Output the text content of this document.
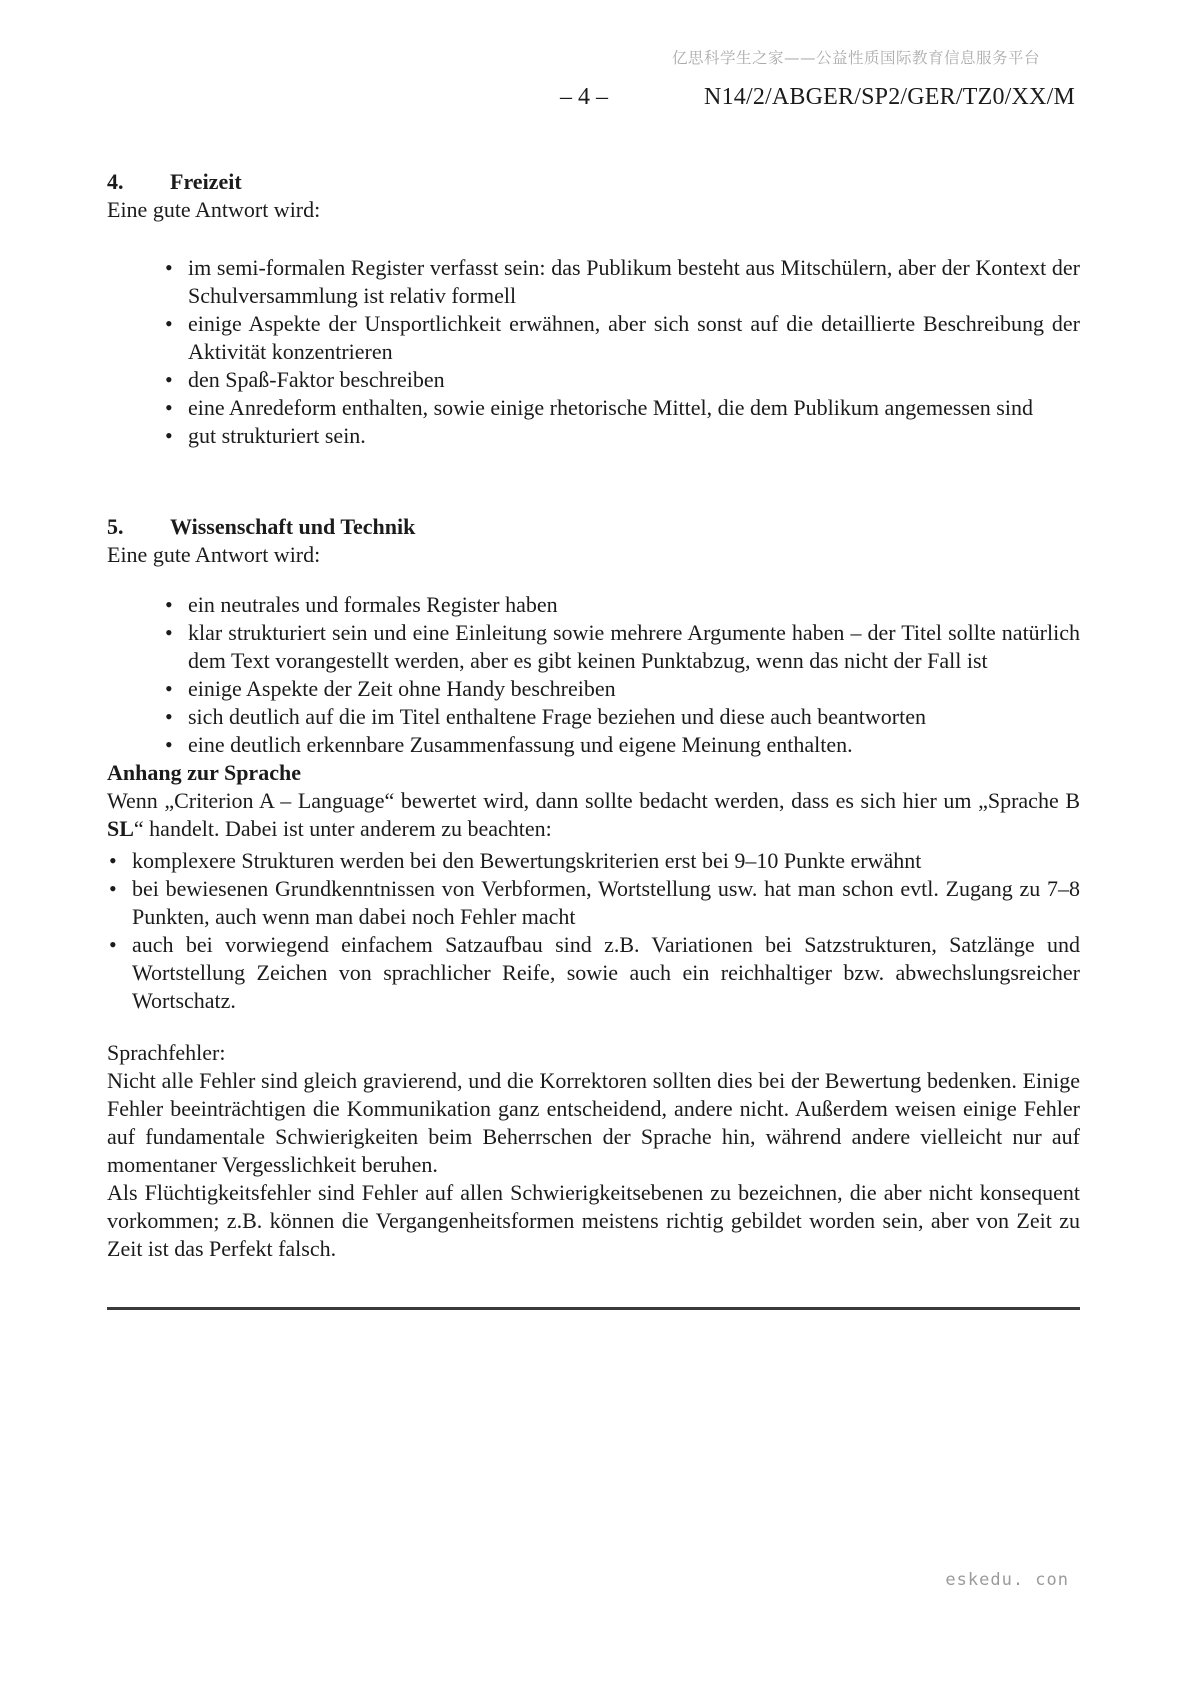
亿思科学生之家——公益性质国际教育信息服务平台
– 4 –	N14/2/ABGER/SP2/GER/TZ0/XX/M
4.	Freizeit

Eine gute Antwort wird:

• im semi-formalen Register verfasst sein: das Publikum besteht aus Mitschülern, aber der Kontext der Schulversammlung ist relativ formell
• einige Aspekte der Unsportlichkeit erwähnen, aber sich sonst auf die detaillierte Beschreibung der Aktivität konzentrieren
• den Spaß-Faktor beschreiben
• eine Anredeform enthalten, sowie einige rhetorische Mittel, die dem Publikum angemessen sind
• gut strukturiert sein.
5.	Wissenschaft und Technik

Eine gute Antwort wird:

• ein neutrales und formales Register haben
• klar strukturiert sein und eine Einleitung sowie mehrere Argumente haben – der Titel sollte natürlich dem Text vorangestellt werden, aber es gibt keinen Punktabzug, wenn das nicht der Fall ist
• einige Aspekte der Zeit ohne Handy beschreiben
• sich deutlich auf die im Titel enthaltene Frage beziehen und diese auch beantworten
• eine deutlich erkennbare Zusammenfassung und eigene Meinung enthalten.

Anhang zur Sprache

Wenn „Criterion A – Language“ bewertet wird, dann sollte bedacht werden, dass es sich hier um „Sprache B SL“ handelt. Dabei ist unter anderem zu beachten:

• komplexere Strukturen werden bei den Bewertungskriterien erst bei 9–10 Punkte erwähnt
• bei bewiesenen Grundkenntnissen von Verbformen, Wortstellung usw. hat man schon evtl. Zugang zu 7–8 Punkten, auch wenn man dabei noch Fehler macht
• auch bei vorwiegend einfachem Satzaufbau sind z.B. Variationen bei Satzstrukturen, Satzlänge und Wortstellung Zeichen von sprachlicher Reife, sowie auch ein reichhaltiger bzw. abwechslungsreicher Wortschatz.

Sprachfehler:

Nicht alle Fehler sind gleich gravierend, und die Korrektoren sollten dies bei der Bewertung bedenken. Einige Fehler beeinträchtigen die Kommunikation ganz entscheidend, andere nicht. Außerdem weisen einige Fehler auf fundamentale Schwierigkeiten beim Beherrschen der Sprache hin, während andere vielleicht nur auf momentaner Vergesslichkeit beruhen.

Als Flüchtigkeitsfehler sind Fehler auf allen Schwierigkeitsebenen zu bezeichnen, die aber nicht konsequent vorkommen; z.B. können die Vergangenheitsformen meistens richtig gebildet worden sein, aber von Zeit zu Zeit ist das Perfekt falsch.

eskedu. con
